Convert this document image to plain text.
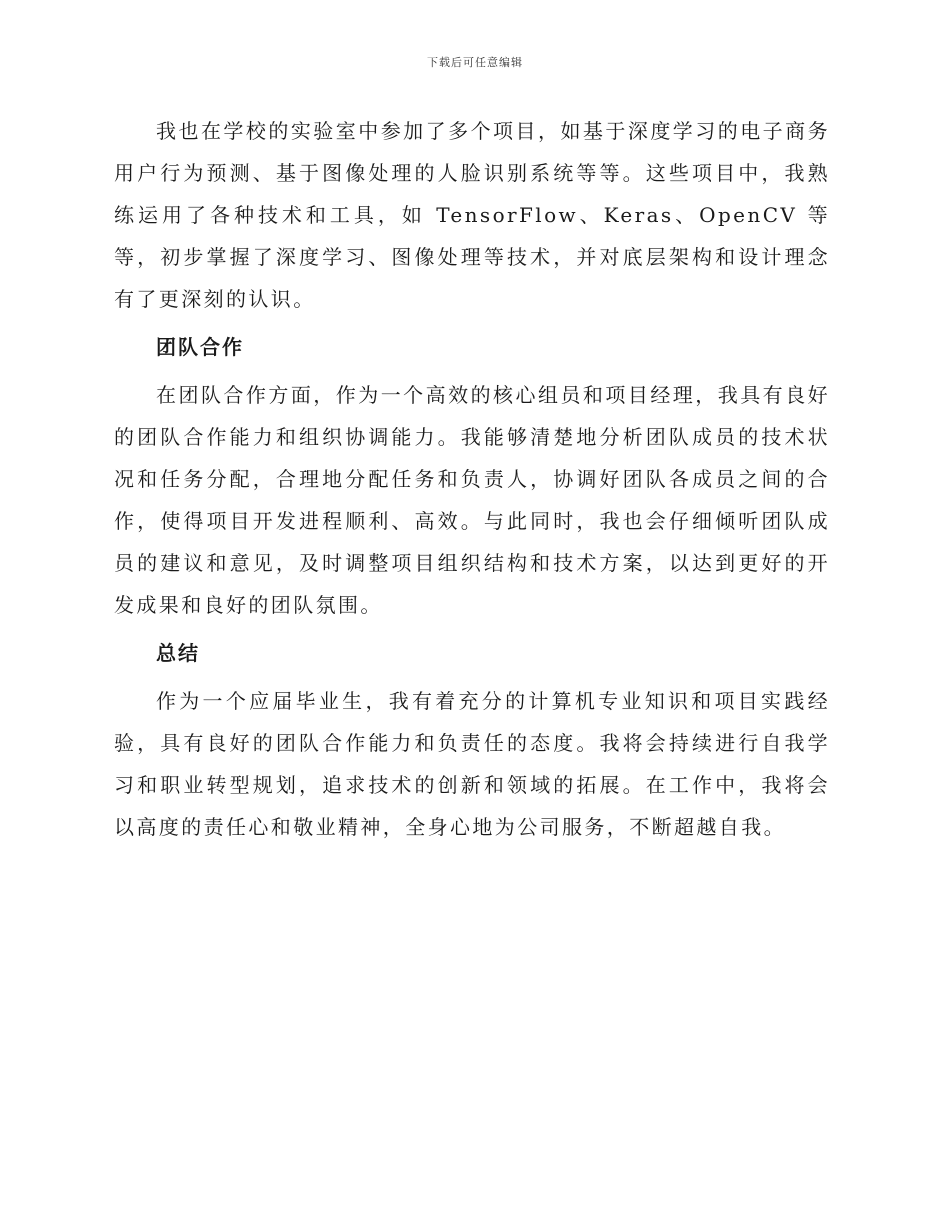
下载后可任意编辑

我也在学校的实验室中参加了多个项目，如基于深度学习的电子商务用户行为预测、基于图像处理的人脸识别系统等等。这些项目中，我熟练运用了各种技术和工具，如 TensorFlow、Keras、OpenCV 等等，初步掌握了深度学习、图像处理等技术，并对底层架构和设计理念有了更深刻的认识。

团队合作

在团队合作方面，作为一个高效的核心组员和项目经理，我具有良好的团队合作能力和组织协调能力。我能够清楚地分析团队成员的技术状况和任务分配，合理地分配任务和负责人，协调好团队各成员之间的合作，使得项目开发进程顺利、高效。与此同时，我也会仔细倾听团队成员的建议和意见，及时调整项目组织结构和技术方案，以达到更好的开发成果和良好的团队氛围。

总结

作为一个应届毕业生，我有着充分的计算机专业知识和项目实践经验，具有良好的团队合作能力和负责任的态度。我将会持续进行自我学习和职业转型规划，追求技术的创新和领域的拓展。在工作中，我将会以高度的责任心和敬业精神，全身心地为公司服务，不断超越自我。
